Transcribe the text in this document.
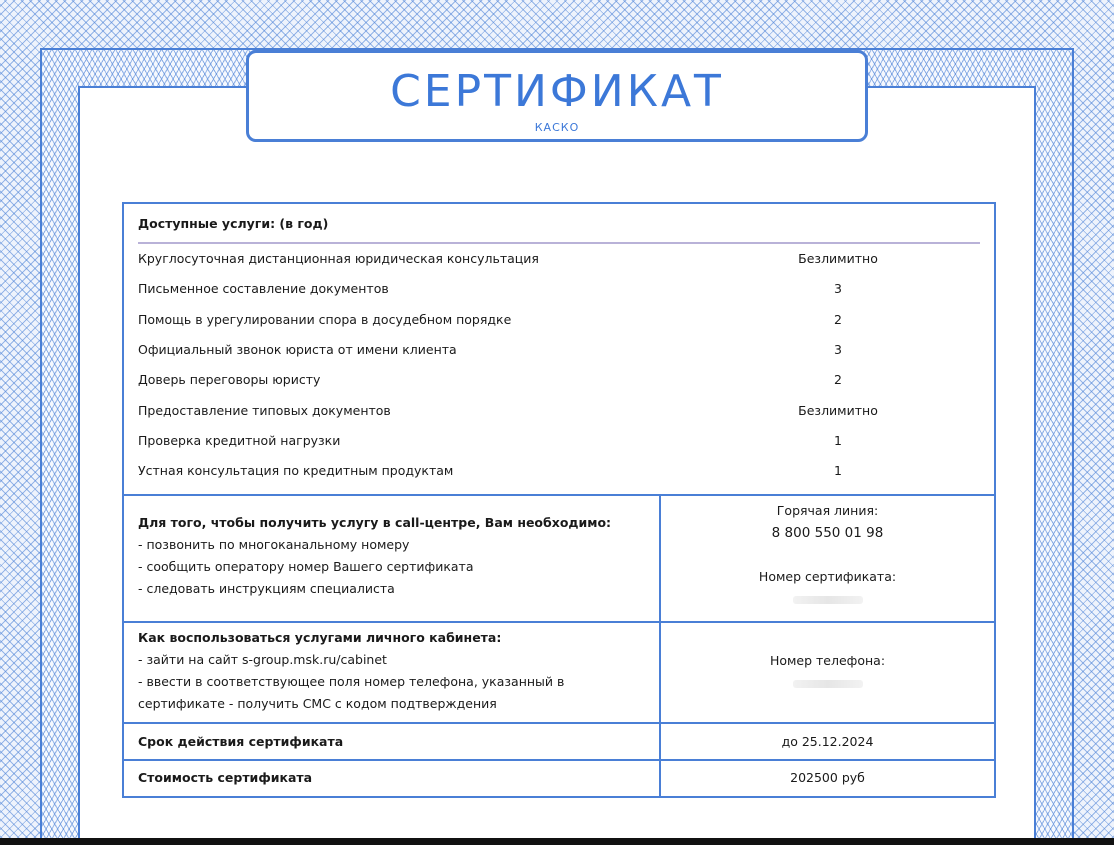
СЕРТИФИКАТ
КАСКО
Доступные услуги: (в год)
Круглосуточная дистанционная юридическая консультация	Безлимитно
Письменное составление документов	3
Помощь в урегулировании спора в досудебном порядке	2
Официальный звонок юриста от имени клиента	3
Доверь переговоры юристу	2
Предоставление типовых документов	Безлимитно
Проверка кредитной нагрузки	1
Устная консультация по кредитным продуктам	1
Для того, чтобы получить услугу в call-центре, Вам необходимо:
- позвонить по многоканальному номеру
- сообщить оператору номер Вашего сертификата
- следовать инструкциям специалиста
Горячая линия:
8 800 550 01 98
Номер сертификата:
Как воспользоваться услугами личного кабинета:
- зайти на сайт s-group.msk.ru/cabinet
- ввести в соответствующее поля номер телефона, указанный в
сертификате - получить СМС с кодом подтверждения
Номер телефона:
Срок действия сертификата	до 25.12.2024
Стоимость сертификата	202500 руб
